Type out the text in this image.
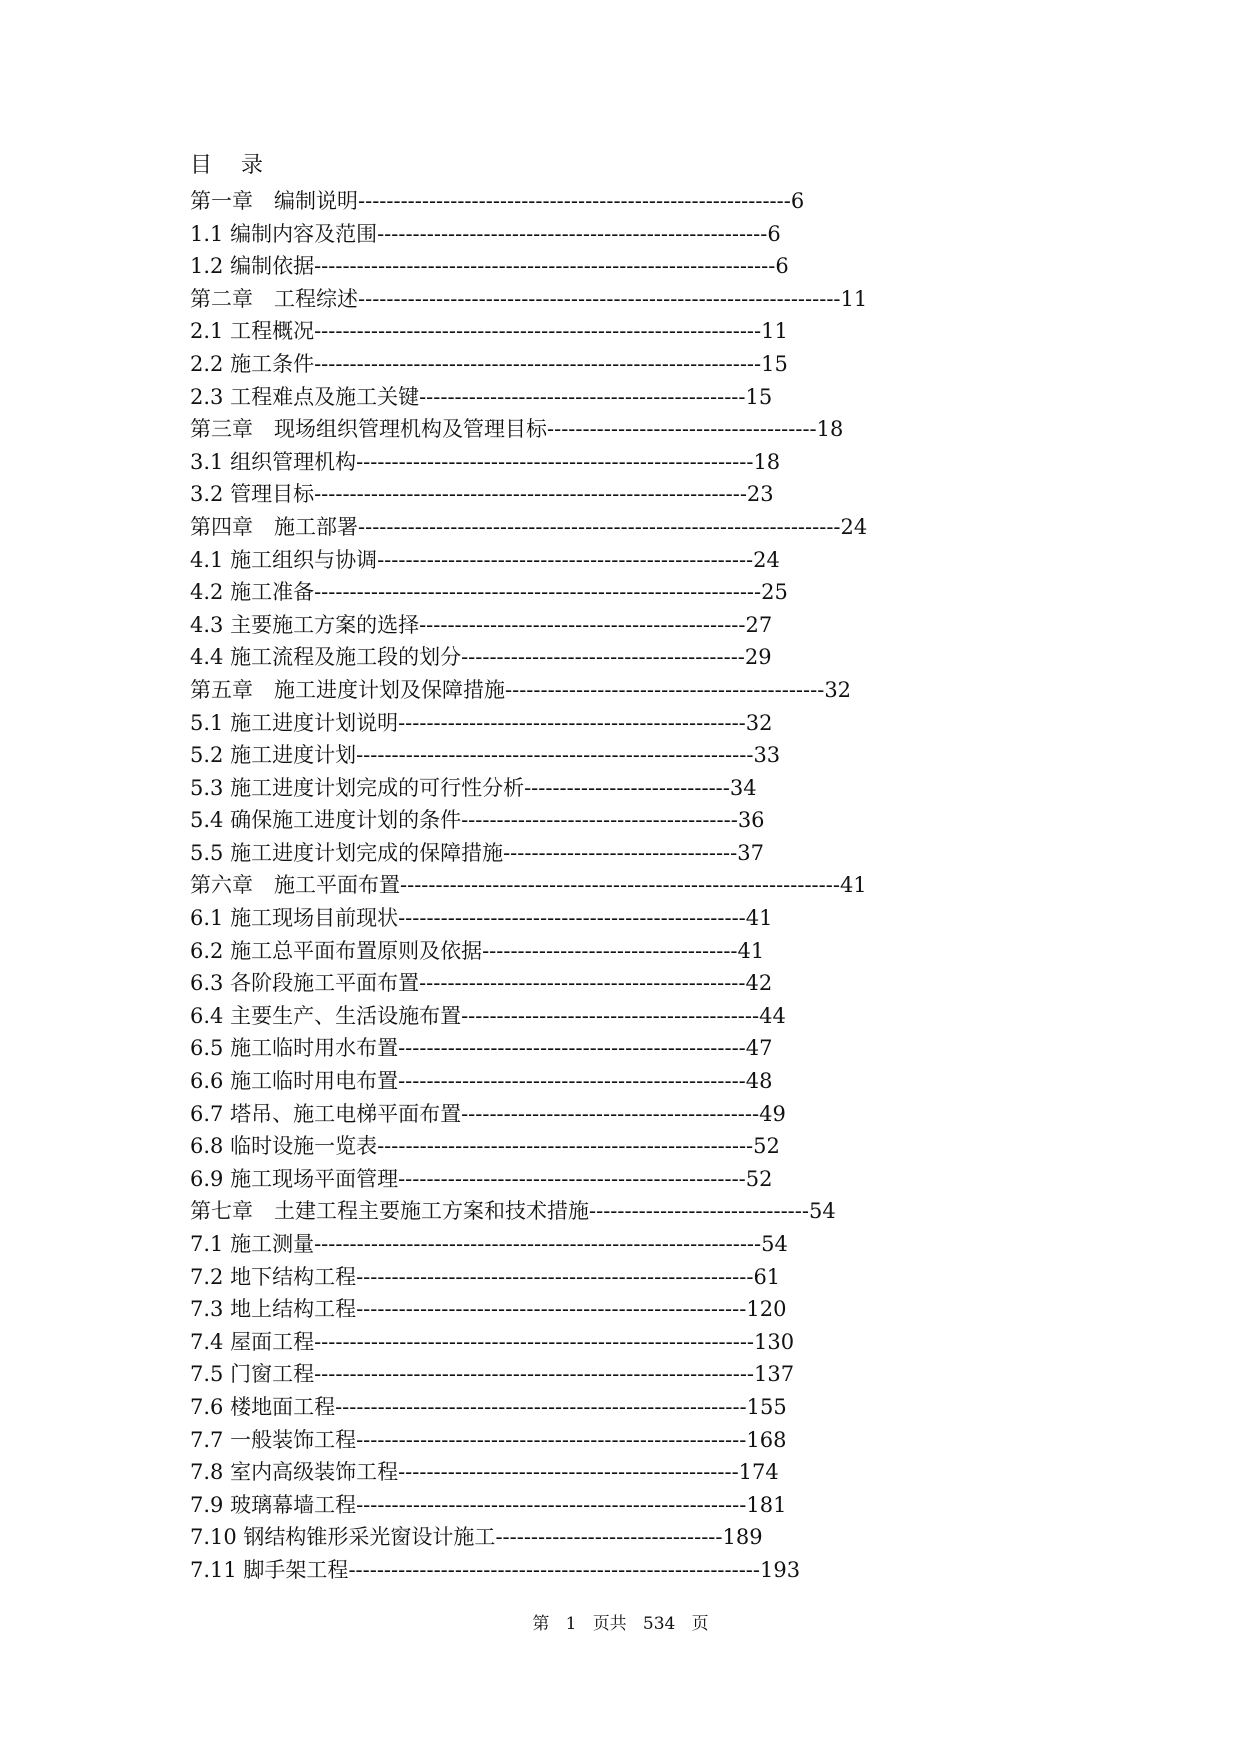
目　 录
第一章　编制说明-------------------------------------------------------------6
1.1 编制内容及范围-------------------------------------------------------6
1.2 编制依据-----------------------------------------------------------------6
第二章　工程综述--------------------------------------------------------------------11
2.1 工程概况---------------------------------------------------------------11
2.2 施工条件---------------------------------------------------------------15
2.3 工程难点及施工关键----------------------------------------------15
第三章　现场组织管理机构及管理目标--------------------------------------18
3.1 组织管理机构--------------------------------------------------------18
3.2 管理目标-------------------------------------------------------------23
第四章　施工部署--------------------------------------------------------------------24
4.1 施工组织与协调-----------------------------------------------------24
4.2 施工准备---------------------------------------------------------------25
4.3 主要施工方案的选择----------------------------------------------27
4.4 施工流程及施工段的划分----------------------------------------29
第五章　施工进度计划及保障措施---------------------------------------------32
5.1 施工进度计划说明-------------------------------------------------32
5.2 施工进度计划--------------------------------------------------------33
5.3 施工进度计划完成的可行性分析-----------------------------34
5.4 确保施工进度计划的条件---------------------------------------36
5.5 施工进度计划完成的保障措施---------------------------------37
第六章　施工平面布置--------------------------------------------------------------41
6.1 施工现场目前现状-------------------------------------------------41
6.2 施工总平面布置原则及依据------------------------------------41
6.3 各阶段施工平面布置----------------------------------------------42
6.4 主要生产、生活设施布置------------------------------------------44
6.5 施工临时用水布置-------------------------------------------------47
6.6 施工临时用电布置-------------------------------------------------48
6.7 塔吊、施工电梯平面布置------------------------------------------49
6.8 临时设施一览表-----------------------------------------------------52
6.9 施工现场平面管理-------------------------------------------------52
第七章　土建工程主要施工方案和技术措施-------------------------------54
7.1 施工测量---------------------------------------------------------------54
7.2 地下结构工程--------------------------------------------------------61
7.3 地上结构工程-------------------------------------------------------120
7.4 屋面工程--------------------------------------------------------------130
7.5 门窗工程--------------------------------------------------------------137
7.6 楼地面工程----------------------------------------------------------155
7.7 一般装饰工程-------------------------------------------------------168
7.8 室内高级装饰工程------------------------------------------------174
7.9 玻璃幕墙工程-------------------------------------------------------181
7.10 钢结构锥形采光窗设计施工--------------------------------189
7.11 脚手架工程----------------------------------------------------------193
第 1 页共 534 页
